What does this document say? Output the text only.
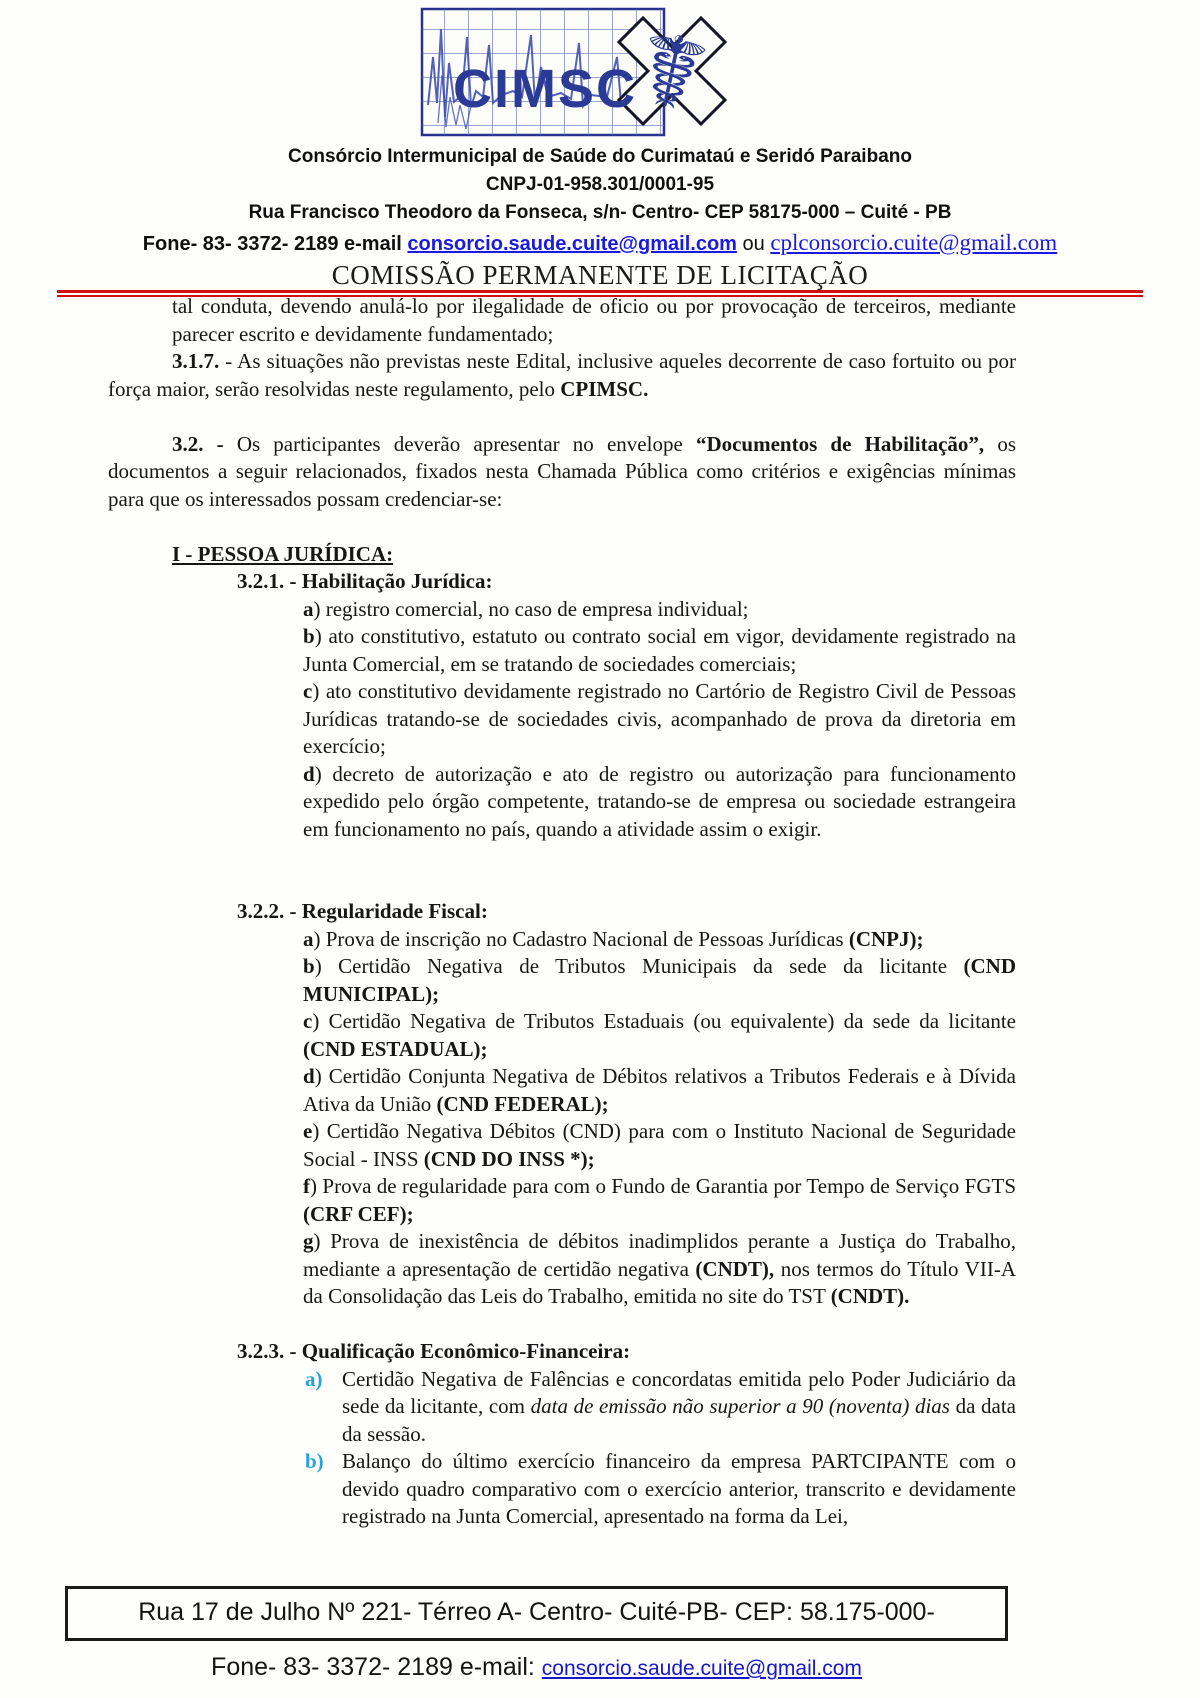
☤
CIMSC
Consórcio Intermunicipal de Saúde do Curimataú e Seridó Paraibano
CNPJ-01-958.301/0001-95
Rua Francisco Theodoro da Fonseca, s/n- Centro- CEP 58175-000 – Cuité - PB
Fone- 83- 3372- 2189 e-mail consorcio.saude.cuite@gmail.com ou cplconsorcio.cuite@gmail.com
COMISSÃO PERMANENTE DE LICITAÇÃO
tal conduta, devendo anulá-lo por ilegalidade de oficio ou por provocação de terceiros, mediante parecer escrito e devidamente fundamentado;
3.1.7. - As situações não previstas neste Edital, inclusive aqueles decorrente de caso fortuito ou por força maior, serão resolvidas neste regulamento, pelo CPIMSC.
3.2. - Os participantes deverão apresentar no envelope “Documentos de Habilitação”, os documentos a seguir relacionados, fixados nesta Chamada Pública como critérios e exigências mínimas para que os interessados possam credenciar-se:
I - PESSOA JURÍDICA:
3.2.1. - Habilitação Jurídica:
a) registro comercial, no caso de empresa individual;
b) ato constitutivo, estatuto ou contrato social em vigor, devidamente registrado na Junta Comercial, em se tratando de sociedades comerciais;
c) ato constitutivo devidamente registrado no Cartório de Registro Civil de Pessoas Jurídicas tratando-se de sociedades civis, acompanhado de prova da diretoria em exercício;
d) decreto de autorização e ato de registro ou autorização para funcionamento expedido pelo órgão competente, tratando-se de empresa ou sociedade estrangeira em funcionamento no país, quando a atividade assim o exigir.
3.2.2. - Regularidade Fiscal:
a) Prova de inscrição no Cadastro Nacional de Pessoas Jurídicas (CNPJ);
b) Certidão Negativa de Tributos Municipais da sede da licitante (CND MUNICIPAL);
c) Certidão Negativa de Tributos Estaduais (ou equivalente) da sede da licitante (CND ESTADUAL);
d) Certidão Conjunta Negativa de Débitos relativos a Tributos Federais e à Dívida Ativa da União (CND FEDERAL);
e) Certidão Negativa Débitos (CND) para com o Instituto Nacional de Seguridade Social - INSS (CND DO INSS *);
f) Prova de regularidade para com o Fundo de Garantia por Tempo de Serviço FGTS (CRF CEF);
g) Prova de inexistência de débitos inadimplidos perante a Justiça do Trabalho, mediante a apresentação de certidão negativa (CNDT), nos termos do Título VII-A da Consolidação das Leis do Trabalho, emitida no site do TST (CNDT).
3.2.3. - Qualificação Econômico-Financeira:
a) Certidão Negativa de Falências e concordatas emitida pelo Poder Judiciário da sede da licitante, com data de emissão não superior a 90 (noventa) dias da data da sessão.
b) Balanço do último exercício financeiro da empresa PARTCIPANTE com o devido quadro comparativo com o exercício anterior, transcrito e devidamente registrado na Junta Comercial, apresentado na forma da Lei,
Rua 17 de Julho Nº 221- Térreo A- Centro- Cuité-PB- CEP: 58.175-000-
Fone- 83- 3372- 2189 e-mail: consorcio.saude.cuite@gmail.com
